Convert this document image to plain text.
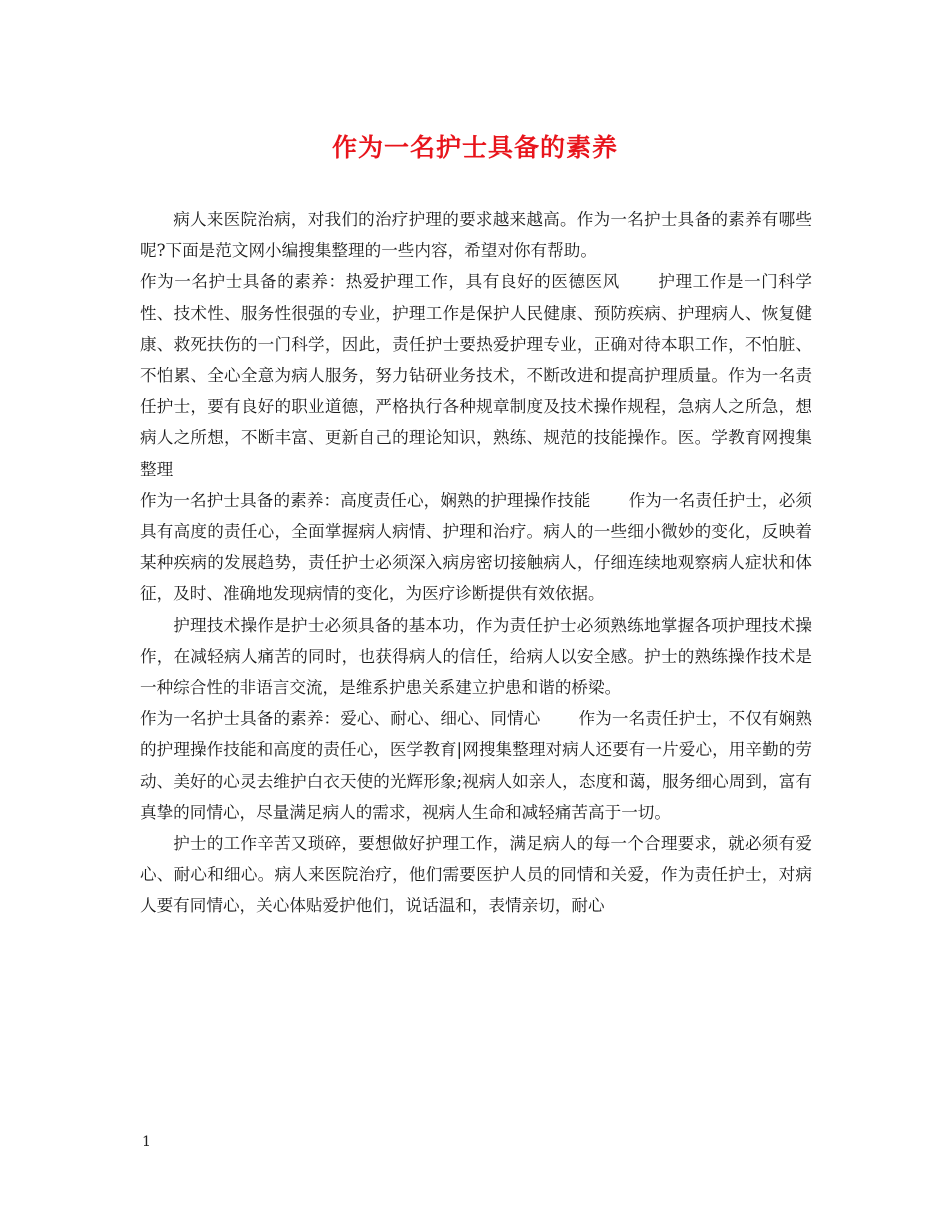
作为一名护士具备的素养

病人来医院治病，对我们的治疗护理的要求越来越高。作为一名护士具备的素养有哪些呢?下面是范文网小编搜集整理的一些内容，希望对你有帮助。

作为一名护士具备的素养：热爱护理工作，具有良好的医德医风 护理工作是一门科学性、技术性、服务性很强的专业，护理工作是保护人民健康、预防疾病、护理病人、恢复健康、救死扶伤的一门科学，因此，责任护士要热爱护理专业，正确对待本职工作，不怕脏、不怕累、全心全意为病人服务，努力钻研业务技术，不断改进和提高护理质量。作为一名责任护士，要有良好的职业道德，严格执行各种规章制度及技术操作规程，急病人之所急，想病人之所想，不断丰富、更新自己的理论知识，熟练、规范的技能操作。医。学教育网搜集整理

作为一名护士具备的素养：高度责任心，娴熟的护理操作技能 作为一名责任护士，必须具有高度的责任心，全面掌握病人病情、护理和治疗。病人的一些细小微妙的变化，反映着某种疾病的发展趋势，责任护士必须深入病房密切接触病人，仔细连续地观察病人症状和体征，及时、准确地发现病情的变化，为医疗诊断提供有效依据。

护理技术操作是护士必须具备的基本功，作为责任护士必须熟练地掌握各项护理技术操作，在减轻病人痛苦的同时，也获得病人的信任，给病人以安全感。护士的熟练操作技术是一种综合性的非语言交流，是维系护患关系建立护患和谐的桥梁。

作为一名护士具备的素养：爱心、耐心、细心、同情心 作为一名责任护士，不仅有娴熟的护理操作技能和高度的责任心，医学教育|网搜集整理对病人还要有一片爱心，用辛勤的劳动、美好的心灵去维护白衣天使的光辉形象;视病人如亲人，态度和蔼，服务细心周到，富有真挚的同情心，尽量满足病人的需求，视病人生命和减轻痛苦高于一切。

护士的工作辛苦又琐碎，要想做好护理工作，满足病人的每一个合理要求，就必须有爱心、耐心和细心。病人来医院治疗，他们需要医护人员的同情和关爱，作为责任护士，对病人要有同情心，关心体贴爱护他们，说话温和，表情亲切，耐心

1
